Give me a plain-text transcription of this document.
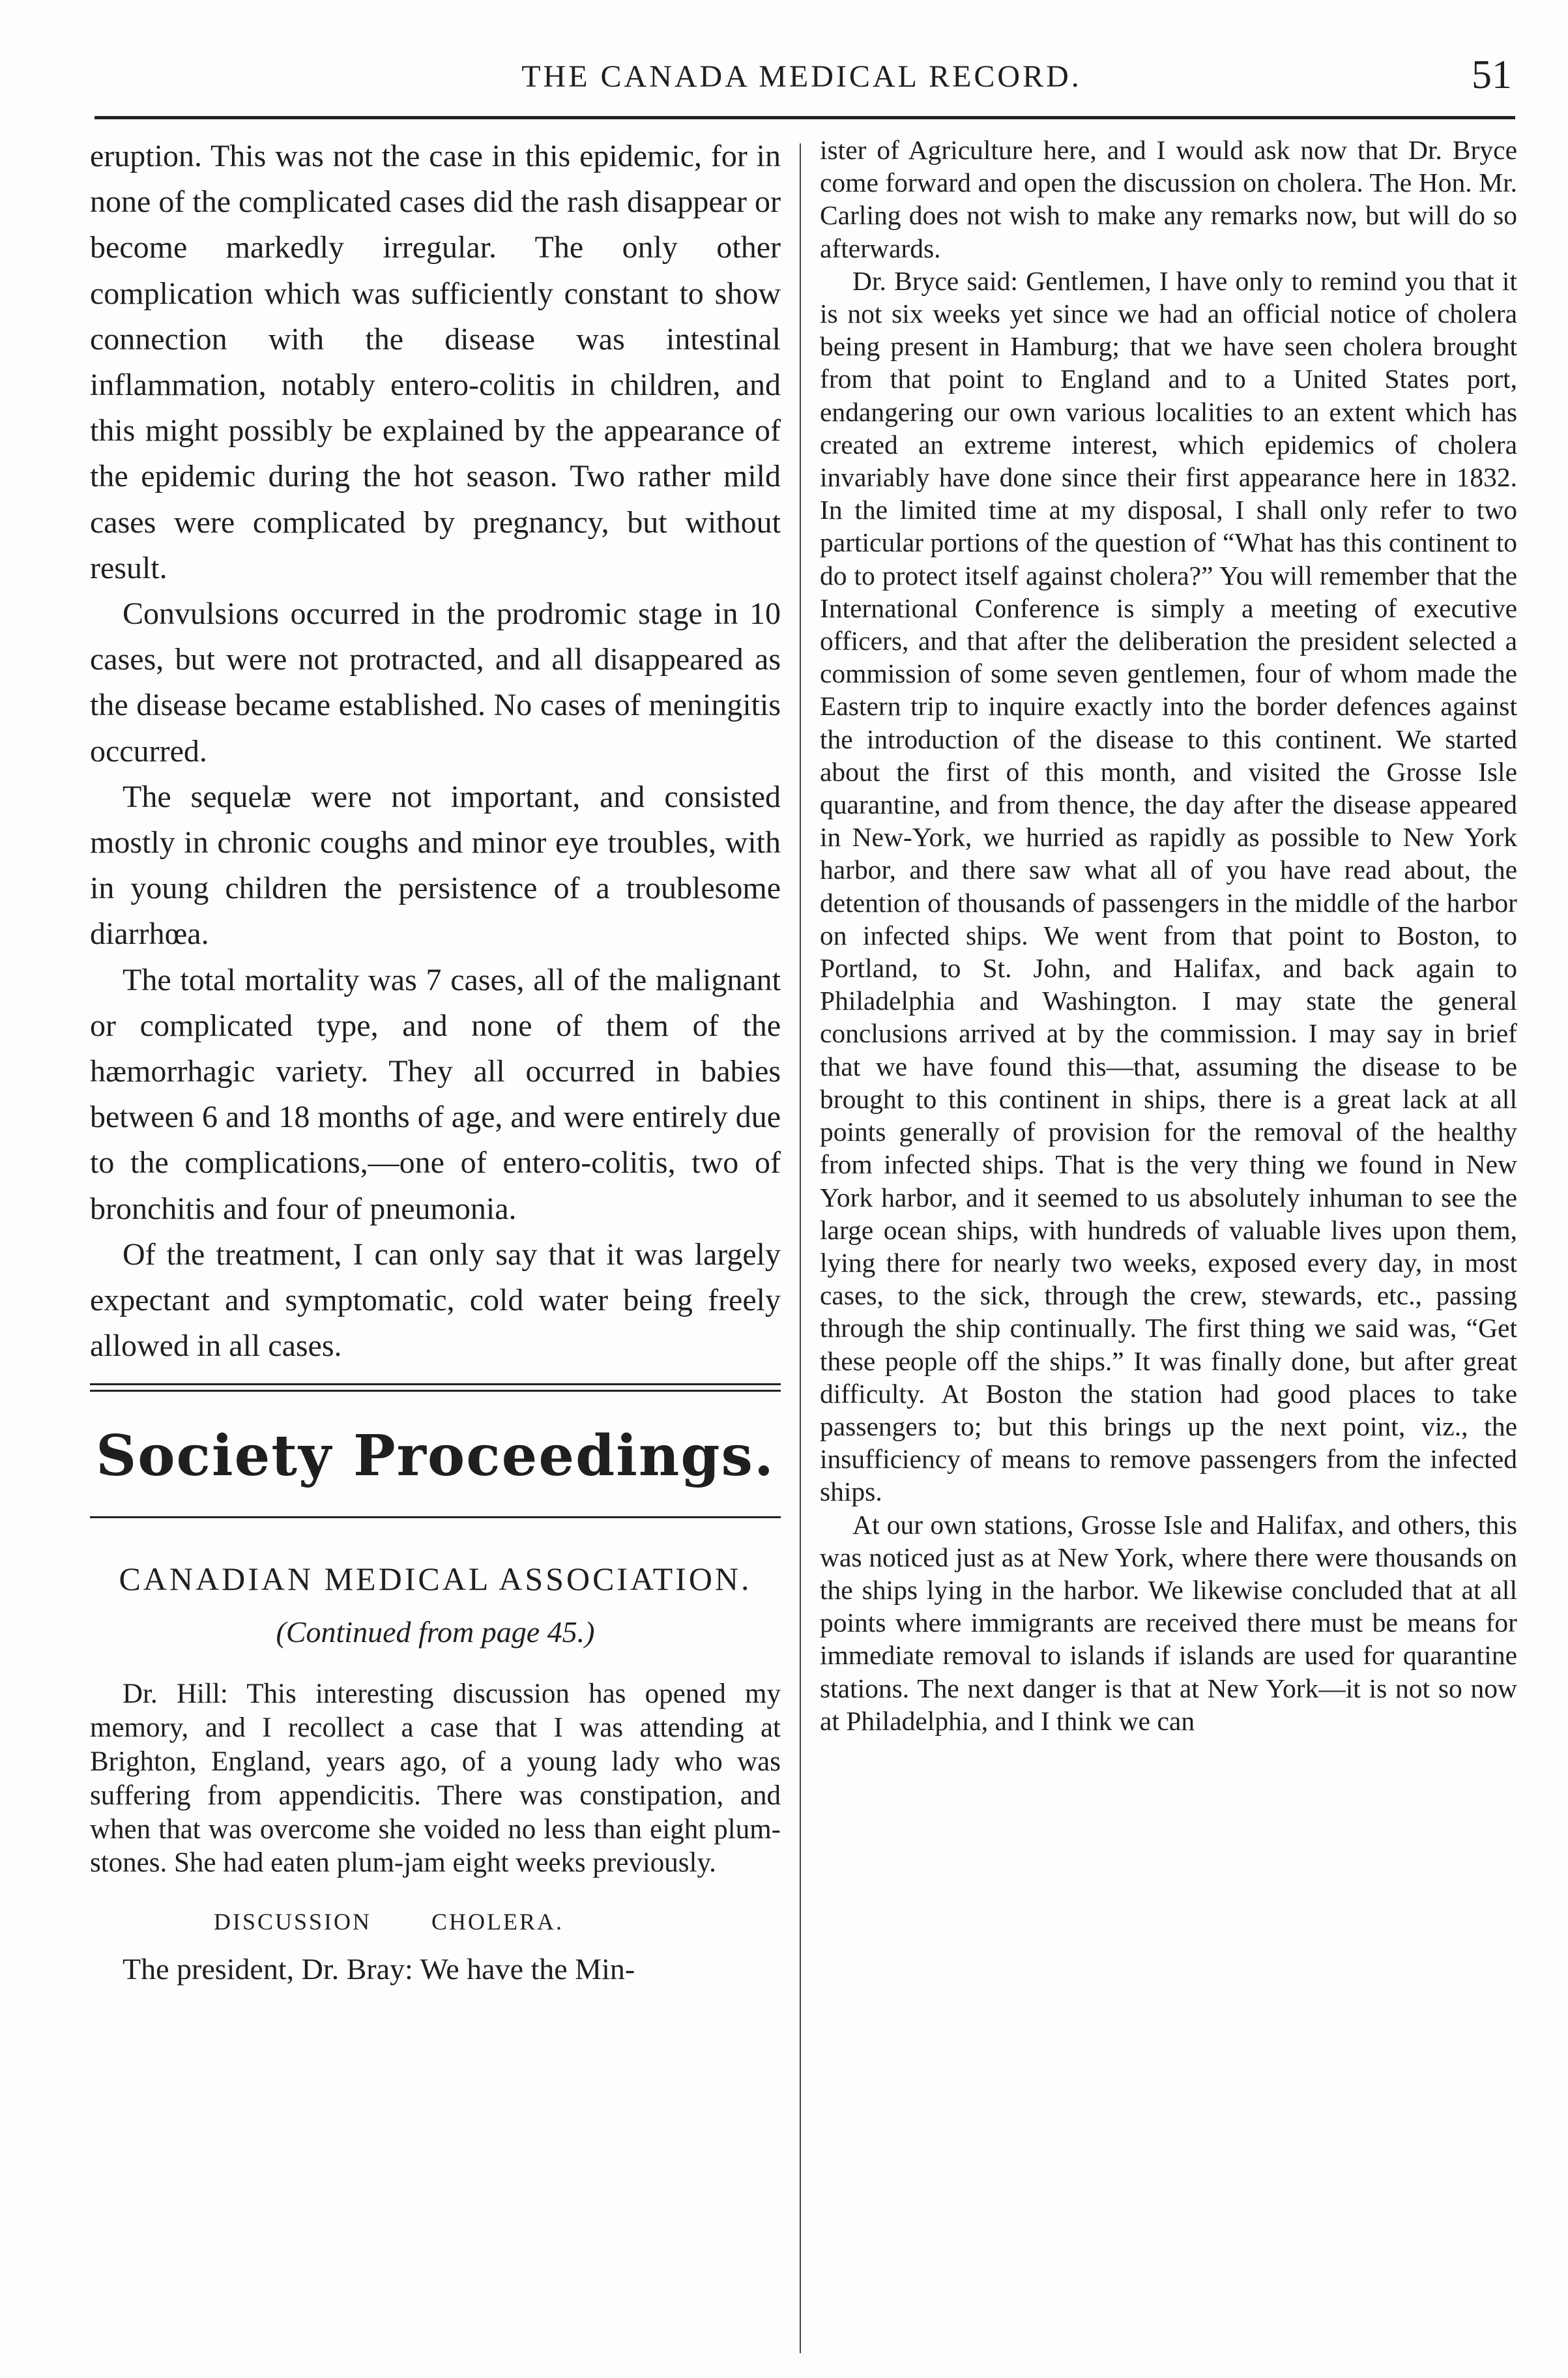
THE CANADA MEDICAL RECORD.	51

eruption. This was not the case in this epidemic, for in none of the complicated cases did the rash disappear or become markedly irregular. The only other complication which was sufficiently constant to show connection with the disease was intestinal inflammation, notably entero-colitis in children, and this might possibly be explained by the appearance of the epidemic during the hot season. Two rather mild cases were complicated by pregnancy, but without result.

Convulsions occurred in the prodromic stage in 10 cases, but were not protracted, and all disappeared as the disease became established. No cases of meningitis occurred.

The sequelæ were not important, and consisted mostly in chronic coughs and minor eye troubles, with in young children the persistence of a troublesome diarrhœa.

The total mortality was 7 cases, all of the malignant or complicated type, and none of them of the hæmorrhagic variety. They all occurred in babies between 6 and 18 months of age, and were entirely due to the complications,—one of entero-colitis, two of bronchitis and four of pneumonia.

Of the treatment, I can only say that it was largely expectant and symptomatic, cold water being freely allowed in all cases.

Society Proceedings.
CANADIAN MEDICAL ASSOCIATION.
(Continued from page 45.)

Dr. Hill: This interesting discussion has opened my memory, and I recollect a case that I was attending at Brighton, England, years ago, of a young lady who was suffering from appendicitis. There was constipation, and when that was overcome she voided no less than eight plum-stones. She had eaten plum-jam eight weeks previously.

DISCUSSION CHOLERA.
The president, Dr. Bray: We have the Min-

ister of Agriculture here, and I would ask now that Dr. Bryce come forward and open the discussion on cholera. The Hon. Mr. Carling does not wish to make any remarks now, but will do so afterwards.

Dr. Bryce said: Gentlemen, I have only to remind you that it is not six weeks yet since we had an official notice of cholera being present in Hamburg; that we have seen cholera brought from that point to England and to a United States port, endangering our own various localities to an extent which has created an extreme interest, which epidemics of cholera invariably have done since their first appearance here in 1832. In the limited time at my disposal, I shall only refer to two particular portions of the question of “What has this continent to do to protect itself against cholera?” You will remember that the International Conference is simply a meeting of executive officers, and that after the deliberation the president selected a commission of some seven gentlemen, four of whom made the Eastern trip to inquire exactly into the border defences against the introduction of the disease to this continent. We started about the first of this month, and visited the Grosse Isle quarantine, and from thence, the day after the disease appeared in New-York, we hurried as rapidly as possible to New York harbor, and there saw what all of you have read about, the detention of thousands of passengers in the middle of the harbor on infected ships. We went from that point to Boston, to Portland, to St. John, and Halifax, and back again to Philadelphia and Washington. I may state the general conclusions arrived at by the commission. I may say in brief that we have found this—that, assuming the disease to be brought to this continent in ships, there is a great lack at all points generally of provision for the removal of the healthy from infected ships. That is the very thing we found in New York harbor, and it seemed to us absolutely inhuman to see the large ocean ships, with hundreds of valuable lives upon them, lying there for nearly two weeks, exposed every day, in most cases, to the sick, through the crew, stewards, etc., passing through the ship continually. The first thing we said was, “Get these people off the ships.” It was finally done, but after great difficulty. At Boston the station had good places to take passengers to; but this brings up the next point, viz., the insufficiency of means to remove passengers from the infected ships.

At our own stations, Grosse Isle and Halifax, and others, this was noticed just as at New York, where there were thousands on the ships lying in the harbor. We likewise concluded that at all points where immigrants are received there must be means for immediate removal to islands if islands are used for quarantine stations. The next danger is that at New York—it is not so now at Philadelphia, and I think we can
